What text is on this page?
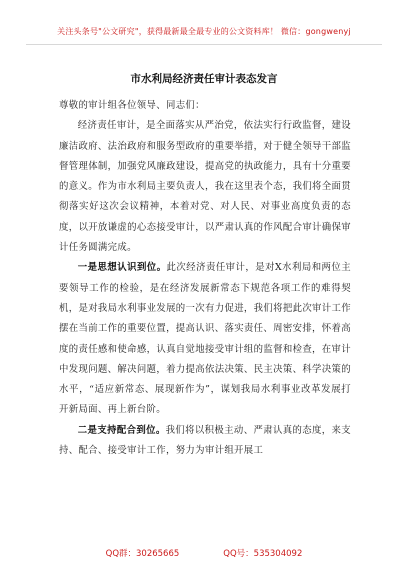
关注头条号"公文研究"，获得最新最全最专业的公文资料库！ 微信：gongwenyj
市水利局经济责任审计表态发言

尊敬的审计组各位领导、同志们：

经济责任审计，是全面落实从严治党，依法实行行政监督，建设廉洁政府、法治政府和服务型政府的重要举措，对于健全领导干部监督管理体制，加强党风廉政建设，提高党的执政能力，具有十分重要的意义。作为市水利局主要负责人，我在这里表个态，我们将全面贯彻落实好这次会议精神，本着对党、对人民、对事业高度负责的态度，以开放谦虚的心态接受审计，以严肃认真的作风配合审计确保审计任务圆满完成。

一是思想认识到位。此次经济责任审计，是对X水利局和两位主要领导工作的检验，是在经济发展新常态下规范各项工作的难得契机，是对我局水利事业发展的一次有力促进，我们将把此次审计工作摆在当前工作的重要位置，提高认识、落实责任、周密安排，怀着高度的责任感和使命感，认真自觉地接受审计组的监督和检查，在审计中发现问题、解决问题，着力提高依法决策、民主决策、科学决策的水平，“适应新常态、展现新作为”，谋划我局水利事业改革发展打开新局面、再上新台阶。

二是支持配合到位。我们将以积极主动、严肃认真的态度，来支持、配合、接受审计工作，努力为审计组开展工

QQ群：30265665	QQ号：535304092
